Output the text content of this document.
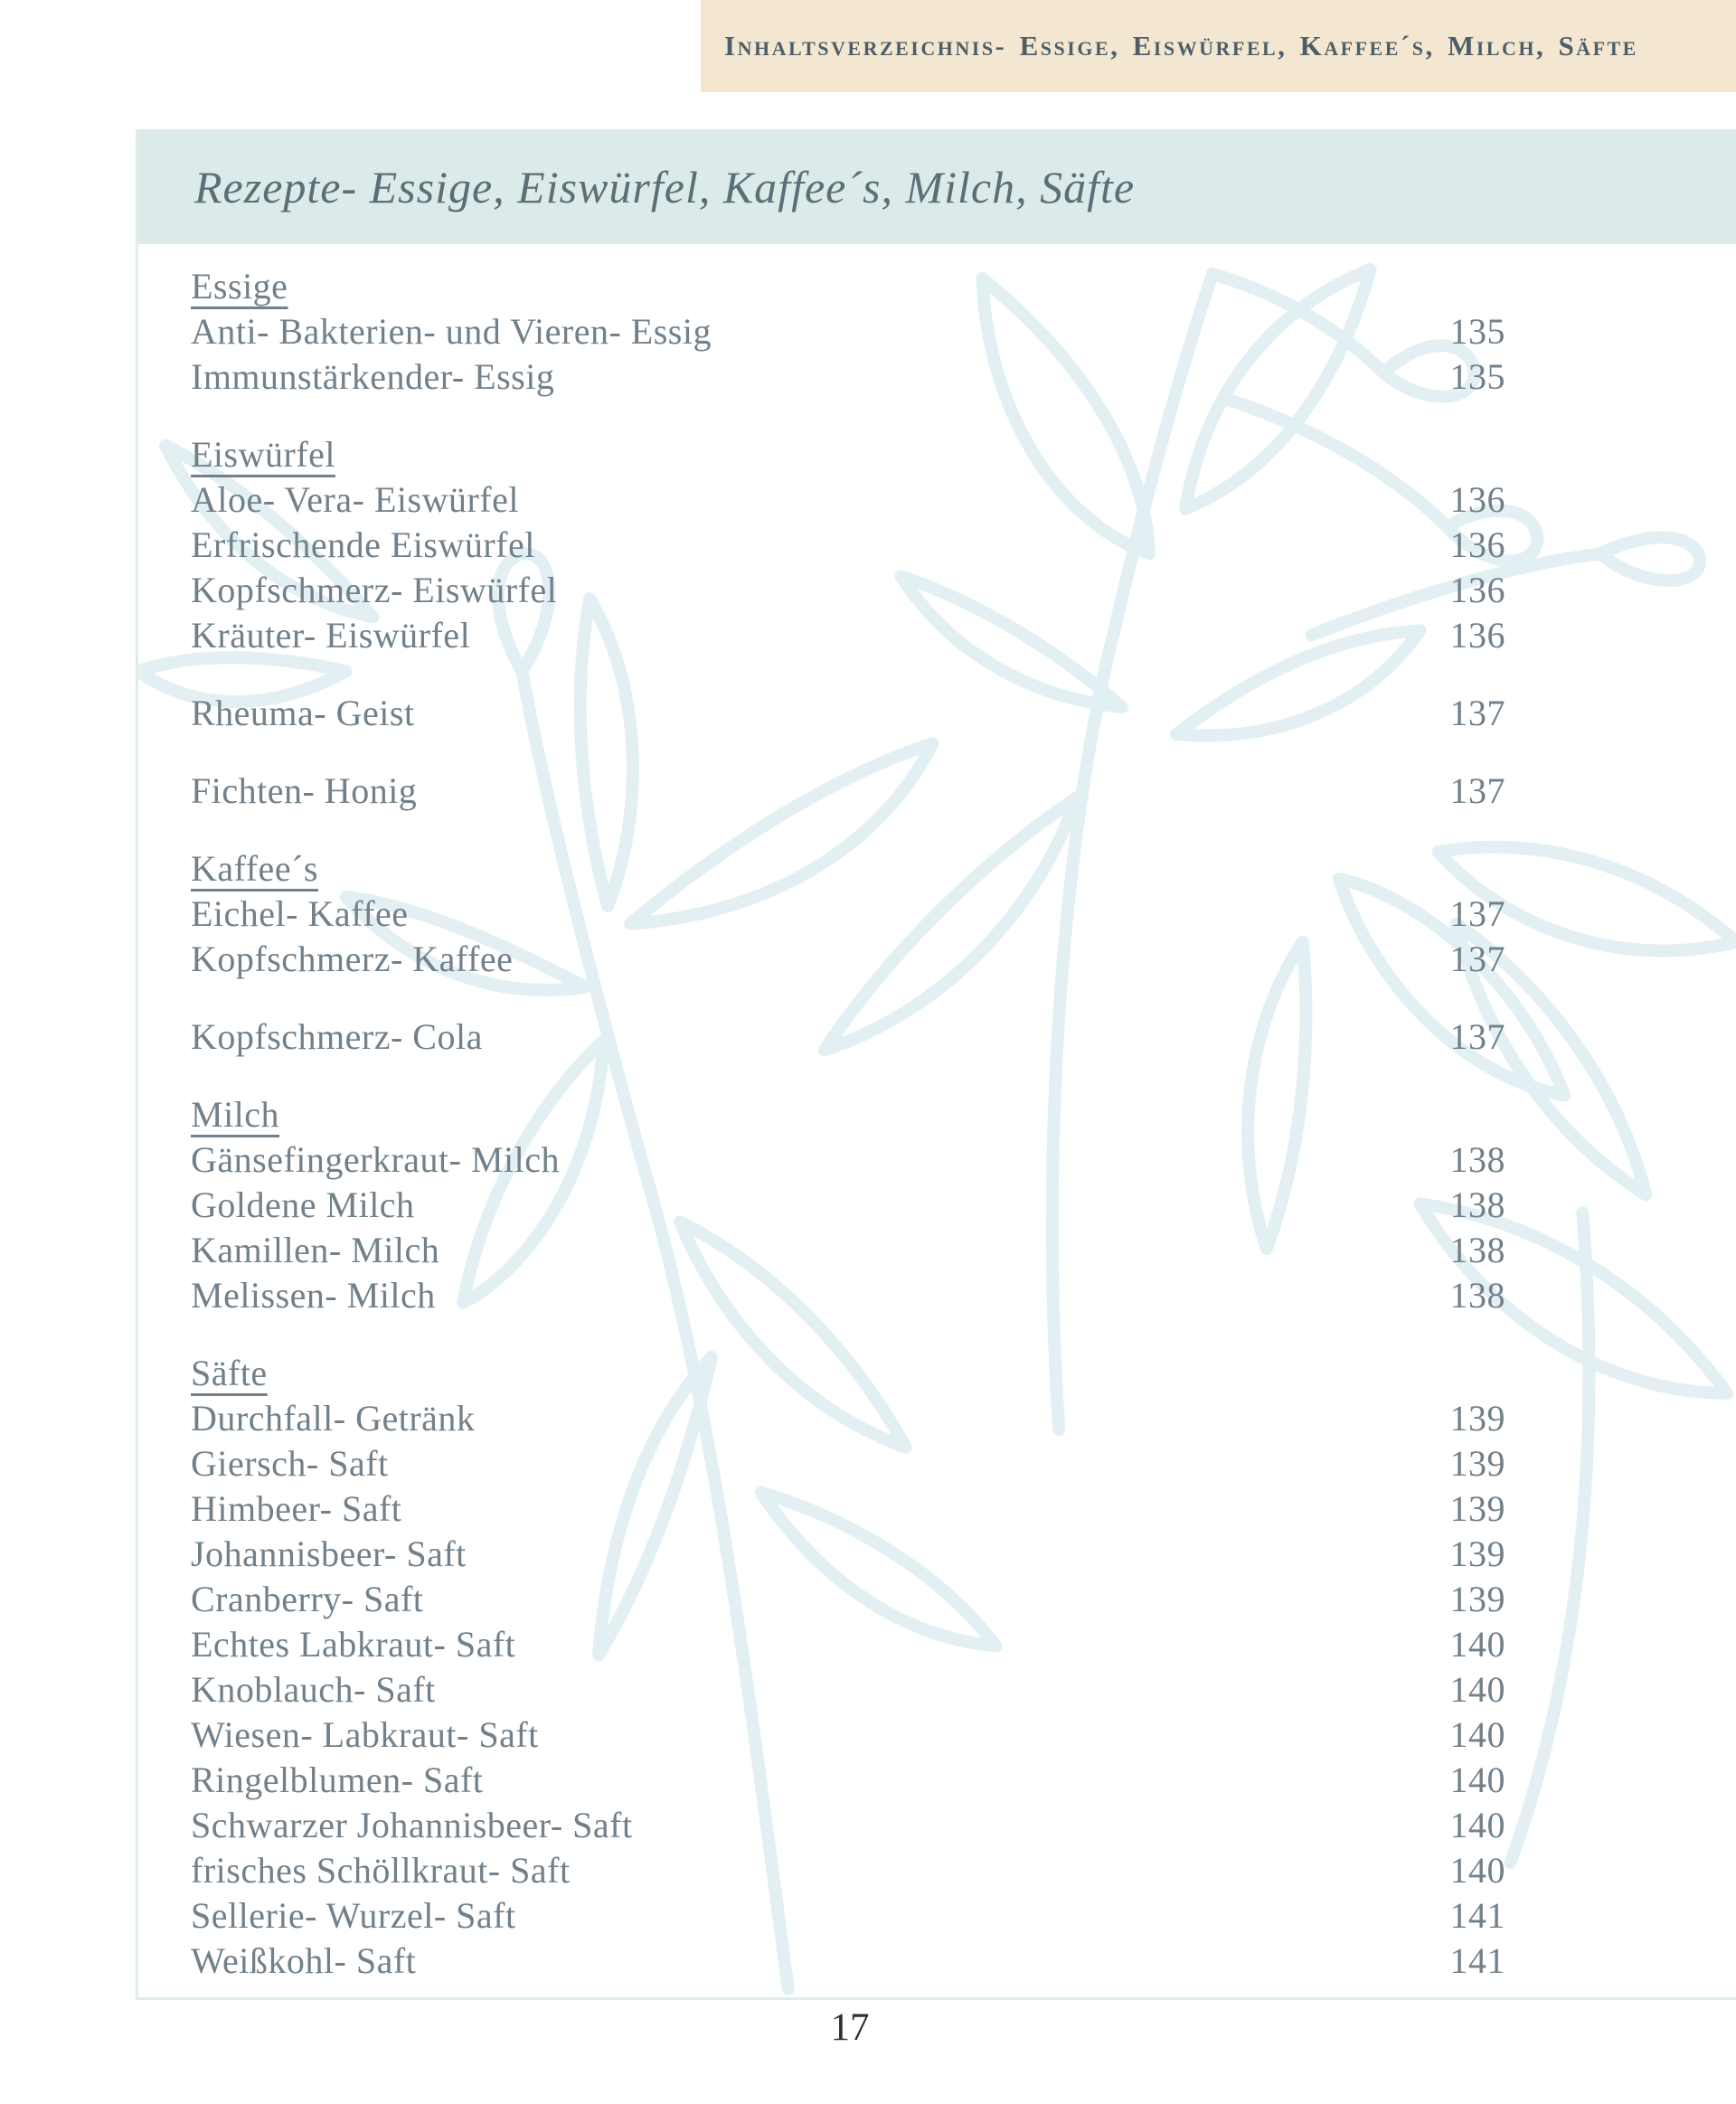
Inhaltsverzeichnis- Essige, Eiswürfel, Kaffee´s, Milch, Säfte
Rezepte- Essige, Eiswürfel, Kaffee´s, Milch, Säfte
Essige
Anti- Bakterien- und Vieren- Essig	135
Immunstärkender- Essig	135
Eiswürfel
Aloe- Vera- Eiswürfel	136
Erfrischende Eiswürfel	136
Kopfschmerz- Eiswürfel	136
Kräuter- Eiswürfel	136
Rheuma- Geist	137
Fichten- Honig	137
Kaffee´s
Eichel- Kaffee	137
Kopfschmerz- Kaffee	137
Kopfschmerz- Cola	137
Milch
Gänsefingerkraut- Milch	138
Goldene Milch	138
Kamillen- Milch	138
Melissen- Milch	138
Säfte
Durchfall- Getränk	139
Giersch- Saft	139
Himbeer- Saft	139
Johannisbeer- Saft	139
Cranberry- Saft	139
Echtes Labkraut- Saft	140
Knoblauch- Saft	140
Wiesen- Labkraut- Saft	140
Ringelblumen- Saft	140
Schwarzer Johannisbeer- Saft	140
frisches Schöllkraut- Saft	140
Sellerie- Wurzel- Saft	141
Weißkohl- Saft	141
17
